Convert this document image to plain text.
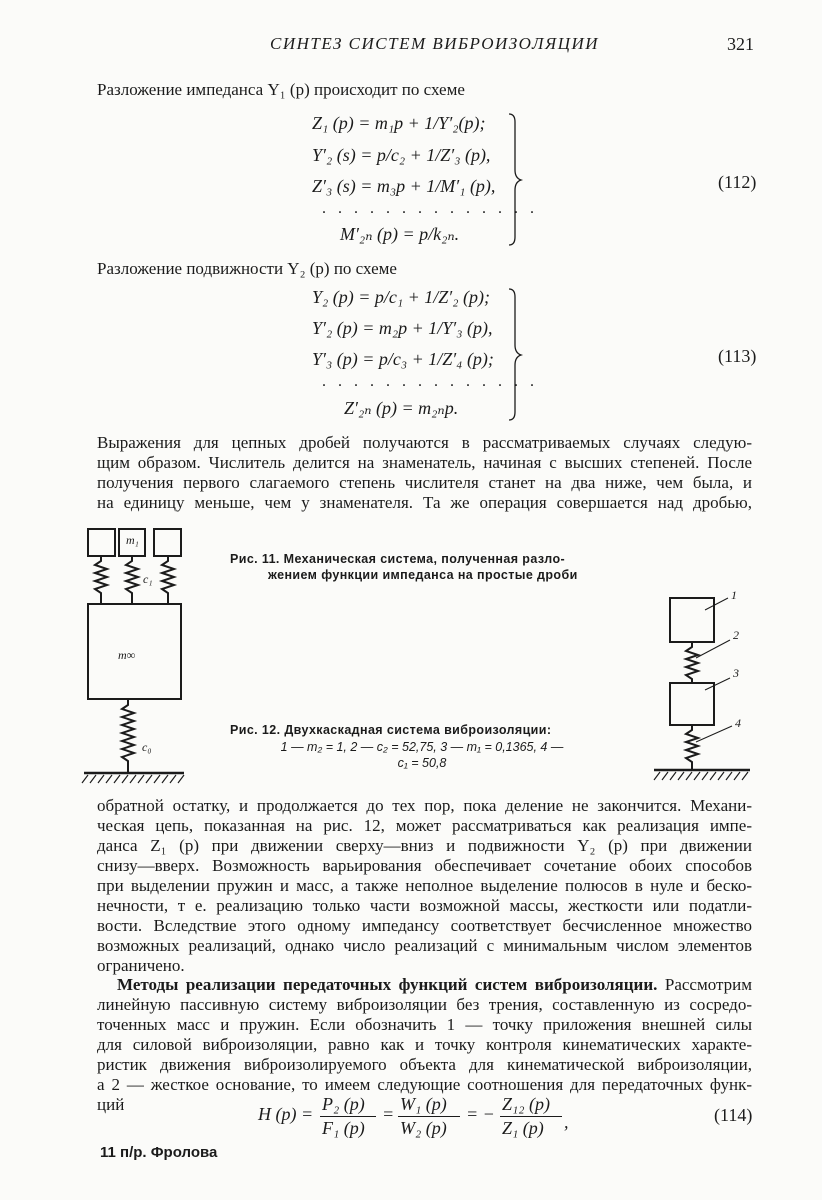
СИНТЕЗ СИСТЕМ ВИБРОИЗОЛЯЦИИ	321
Разложение импеданса Y₁ (p) происходит по схеме
Z₁ (p) = m₁p + 1/Y′₂(p);
Y′₂ (s) = p/c₂ + 1/Z′₃ (p),
Z′₃ (s) = m₃p + 1/M′₁ (p),
. . . . . . . . . . . . . .
M′₂ₙ (p) = p/k₂ₙ.
(112)
Разложение подвижности Y₂ (p) по схеме
Y₂ (p) = p/c₁ + 1/Z′₂ (p);
Y′₂ (p) = m₂p + 1/Y′₃ (p),
Y′₃ (p) = p/c₃ + 1/Z′₄ (p);
. . . . . . . . . . . . . .
Z′₂ₙ (p) = m₂ₙp.
(113)
Выражения для цепных дробей получаются в рассматриваемых случаях следую-
щим образом. Числитель делится на знаменатель, начиная с высших степеней. После
получения первого слагаемого степень числителя станет на два ниже, чем была, и
на единицу меньше, чем у знаменателя. Та же операция совершается над дробью,
m₁
c₁
m∞
c₀
Рис. 11. Механическая система, полученная разло-
жением функции импеданса на простые дроби
Рис. 12. Двухкаскадная система виброизоляции:
1 — m₂ = 1, 2 — c₂ = 52,75, 3 — m₁ = 0,1365, 4 —
c₁ = 50,8
1
2
3
4
обратной остатку, и продолжается до тех пор, пока деление не закончится. Механи-
ческая цепь, показанная на рис. 12, может рассматриваться как реализация импе-
данса Z₁ (p) при движении сверху—вниз и подвижности Y₂ (p) при движении
снизу—вверх. Возможность варьирования обеспечивает сочетание обоих способов
при выделении пружин и масс, а также неполное выделение полюсов в нуле и беско-
нечности, т е. реализацию только части возможной массы, жесткости или податли-
вости. Вследствие этого одному импедансу соответствует бесчисленное множество
возможных реализаций, однако число реализаций с минимальным числом элементов
ограничено.
Методы реализации передаточных функций систем виброизоляции. Рассмотрим
линейную пассивную систему виброизоляции без трения, составленную из сосредо-
точенных масс и пружин. Если обозначить 1 — точку приложения внешней силы
для силовой виброизоляции, равно как и точку контроля кинематических характе-
ристик движения виброизолируемого объекта для кинематической виброизоляции,
а 2 — жесткое основание, то имеем следующие соотношения для передаточных функ-
ций	H (p) = P₂ (p)
F₁ (p)
= W₁ (p)
W₂ (p)
= − Z₁₂ (p)
Z₁ (p) ,	(114)
11 п/р. Фролова
